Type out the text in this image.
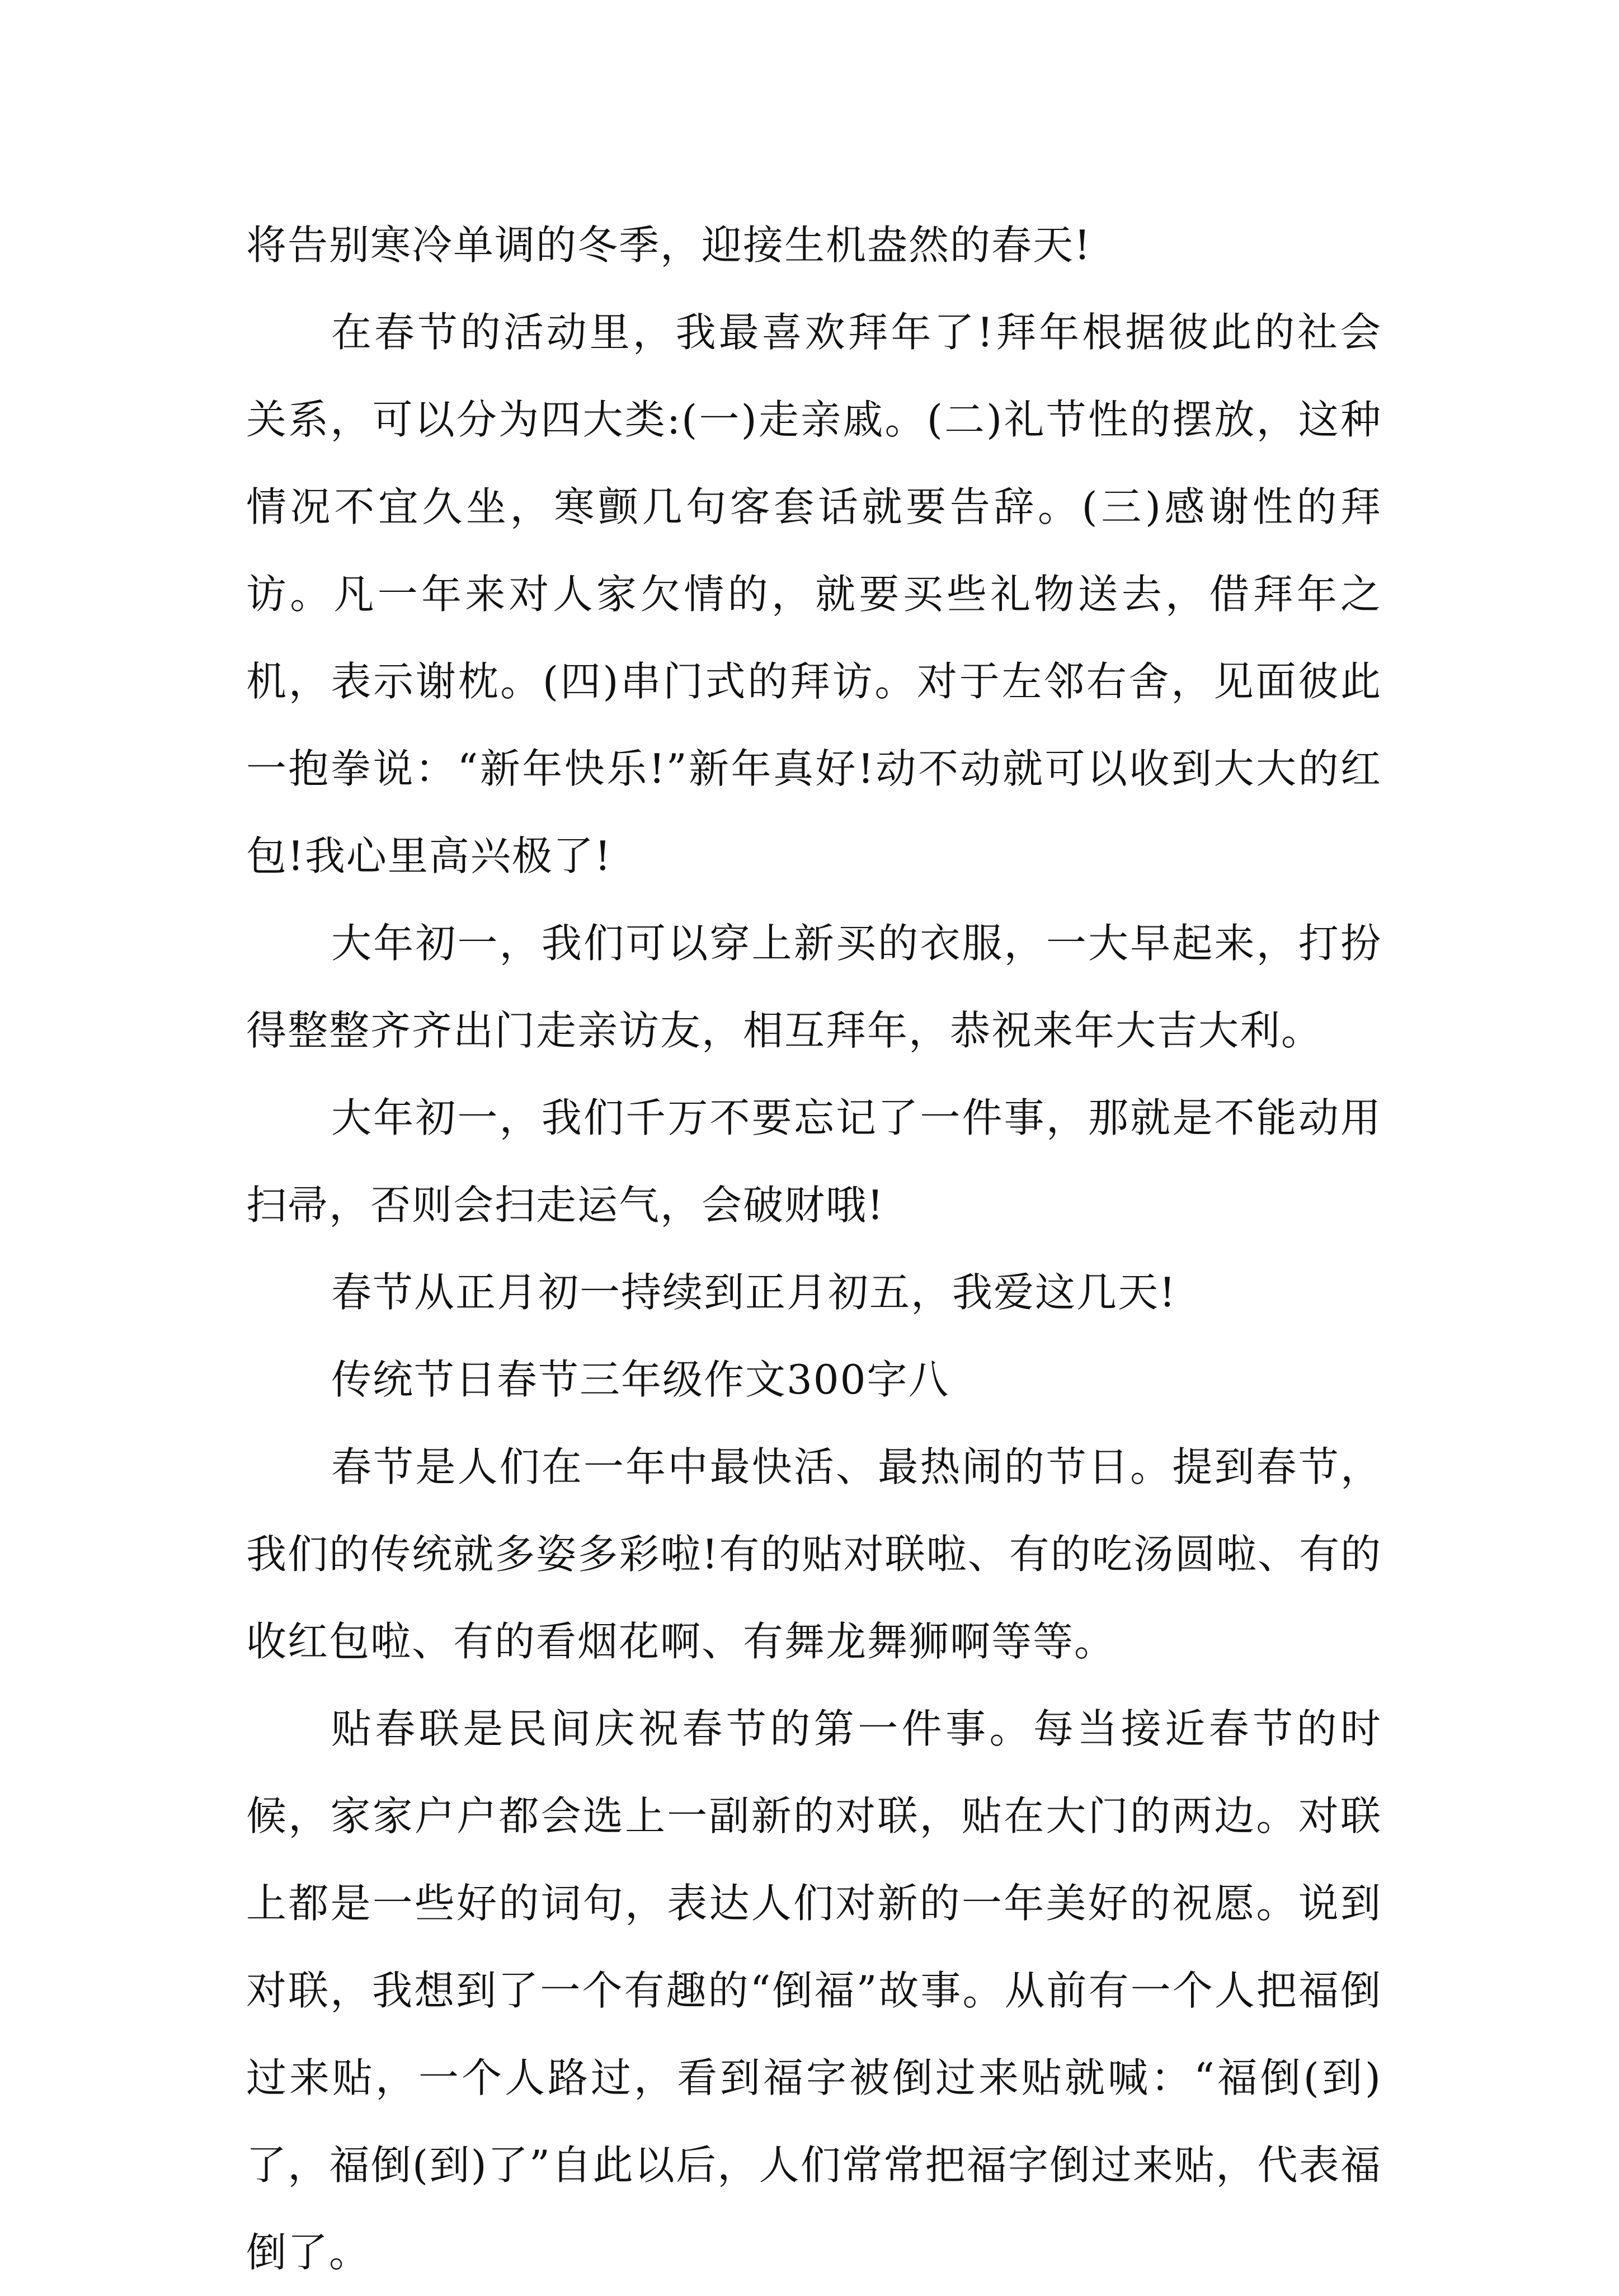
将告别寒冷单调的冬季，迎接生机盎然的春天!

在春节的活动里，我最喜欢拜年了!拜年根据彼此的社会关系，可以分为四大类:(一)走亲戚。(二)礼节性的摆放，这种情况不宜久坐，寒颤几句客套话就要告辞。(三)感谢性的拜访。凡一年来对人家欠情的，就要买些礼物送去，借拜年之机，表示谢枕。(四)串门式的拜访。对于左邻右舍，见面彼此一抱拳说：“新年快乐!”新年真好!动不动就可以收到大大的红包!我心里高兴极了!

大年初一，我们可以穿上新买的衣服，一大早起来，打扮得整整齐齐出门走亲访友，相互拜年，恭祝来年大吉大利。

大年初一，我们千万不要忘记了一件事，那就是不能动用扫帚，否则会扫走运气，会破财哦!

春节从正月初一持续到正月初五，我爱这几天!

传统节日春节三年级作文300字八

春节是人们在一年中最快活、最热闹的节日。提到春节，我们的传统就多姿多彩啦!有的贴对联啦、有的吃汤圆啦、有的收红包啦、有的看烟花啊、有舞龙舞狮啊等等。

贴春联是民间庆祝春节的第一件事。每当接近春节的时候，家家户户都会选上一副新的对联，贴在大门的两边。对联上都是一些好的词句，表达人们对新的一年美好的祝愿。说到对联，我想到了一个有趣的“倒福”故事。从前有一个人把福倒过来贴，一个人路过，看到福字被倒过来贴就喊：“福倒(到)了，福倒(到)了”自此以后，人们常常把福字倒过来贴，代表福倒了。
